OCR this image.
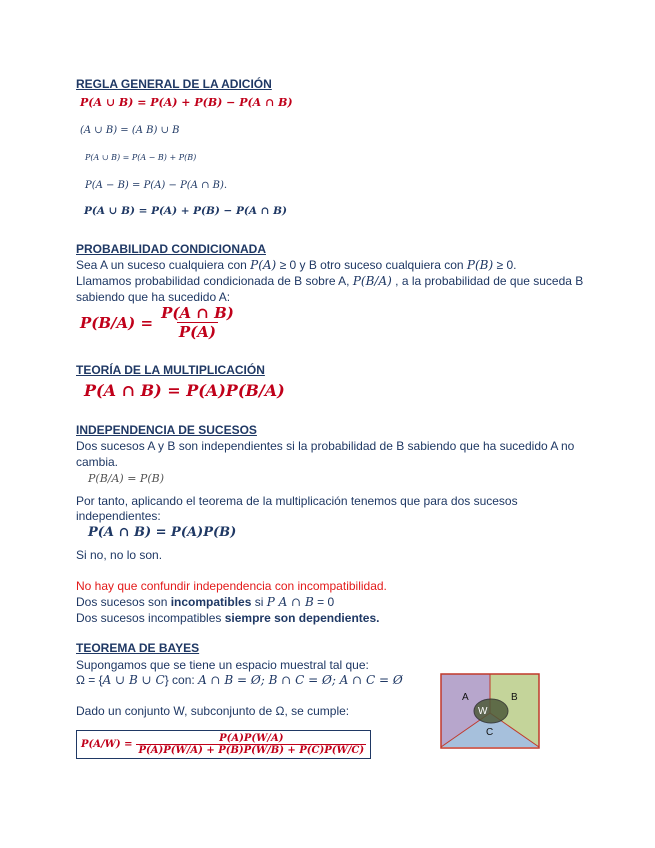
REGLA GENERAL DE LA ADICIÓN
P(A ∪ B) = P(A) + P(B) − P(A ∩ B)
(A ∪ B) = (A B) ∪ B
P(A ∪ B) = P(A − B) + P(B)
P(A − B) = P(A) − P(A ∩ B).
P(A ∪ B) = P(A) + P(B) − P(A ∩ B)
PROBABILIDAD CONDICIONADA
Sea A un suceso cualquiera con P(A) ≥ 0 y B otro suceso cualquiera con P(B) ≥ 0.
Llamamos probabilidad condicionada de B sobre A, P(B/A) , a la probabilidad de que suceda B
sabiendo que ha sucedido A:
$P(B/A) = \frac{P(A \cap B)}{P(A)}$
TEORÍA DE LA MULTIPLICACIÓN
P(A ∩ B) = P(A)P(B/A)
INDEPENDENCIA DE SUCESOS
Dos sucesos A y B son independientes si la probabilidad de B sabiendo que ha sucedido A no
cambia.
P(B/A) = P(B)
Por tanto, aplicando el teorema de la multiplicación tenemos que para dos sucesos
independientes:
P(A ∩ B) = P(A)P(B)
Si no, no lo son.
No hay que confundir independencia con incompatibilidad.
Dos sucesos son incompatibles si P A ∩ B = 0
Dos sucesos incompatibles siempre son dependientes.
TEOREMA DE BAYES
Supongamos que se tiene un espacio muestral tal que:
Ω = {A ∪ B ∪ C} con: A ∩ B = Ø; B ∩ C = Ø; A ∩ C = Ø
Dado un conjunto W, subconjunto de Ω, se cumple:
$P(A/W) = \frac{P(A)P(W/A)}{P(A)P(W/A) + P(B)P(W/B) + P(C)P(W/C)}$
A	B
C
W
